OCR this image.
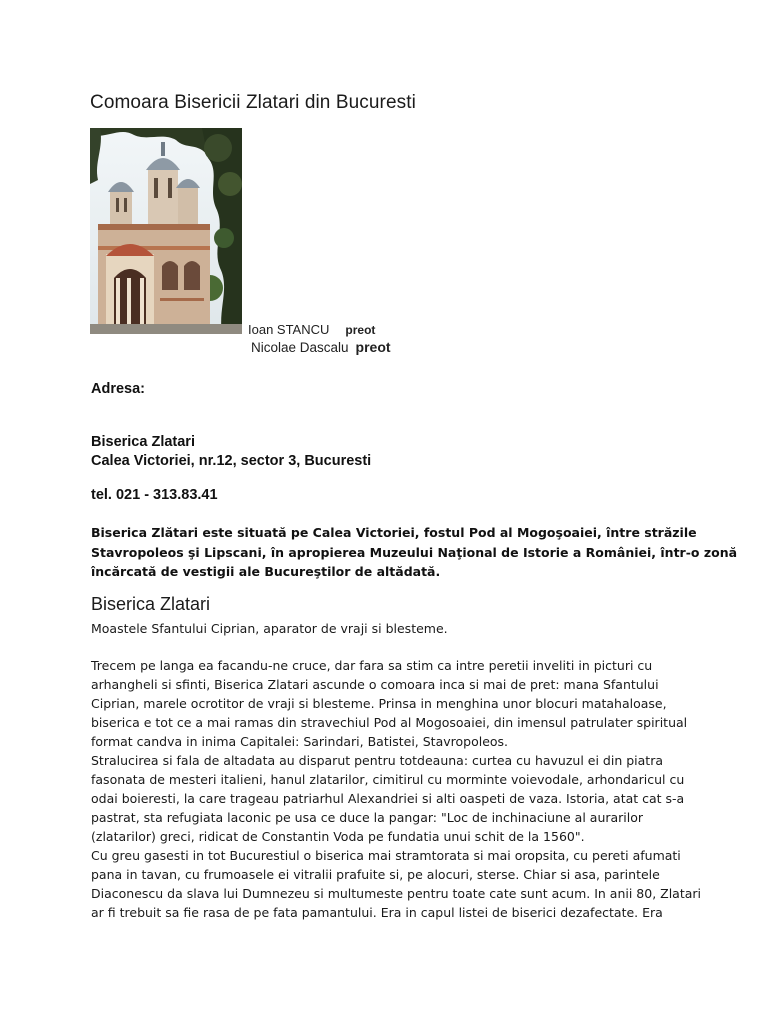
Comoara Bisericii Zlatari din Bucuresti
Ioan STANCU preot
Nicolae Dascalu preot

Adresa:

Biserica Zlatari

Calea Victoriei, nr.12, sector 3, Bucuresti

tel. 021 - 313.83.41

Biserica Zlătari este situată pe Calea Victoriei, fostul Pod al Mogoşoaiei, între străzile
Stavropoleos şi Lipscani, în apropierea Muzeului Naţional de Istorie a României, într-o zonă
încărcată de vestigii ale Bucureştilor de altădată.

Biserica Zlatari

Moastele Sfantului Ciprian, aparator de vraji si blesteme.

Trecem pe langa ea facandu-ne cruce, dar fara sa stim ca intre peretii inveliti in picturi cu
arhangheli si sfinti, Biserica Zlatari ascunde o comoara inca si mai de pret: mana Sfantului
Ciprian, marele ocrotitor de vraji si blesteme. Prinsa in menghina unor blocuri matahaloase,
biserica e tot ce a mai ramas din stravechiul Pod al Mogosoaiei, din imensul patrulater spiritual
format candva in inima Capitalei: Sarindari, Batistei, Stavropoleos.
Stralucirea si fala de altadata au disparut pentru totdeauna: curtea cu havuzul ei din piatra
fasonata de mesteri italieni, hanul zlatarilor, cimitirul cu morminte voievodale, arhondaricul cu
odai boieresti, la care trageau patriarhul Alexandriei si alti oaspeti de vaza. Istoria, atat cat s-a
pastrat, sta refugiata laconic pe usa ce duce la pangar: "Loc de inchinaciune al aurarilor
(zlatarilor) greci, ridicat de Constantin Voda pe fundatia unui schit de la 1560".
Cu greu gasesti in tot Bucurestiul o biserica mai stramtorata si mai oropsita, cu pereti afumati
pana in tavan, cu frumoasele ei vitralii prafuite si, pe alocuri, sterse. Chiar si asa, parintele
Diaconescu da slava lui Dumnezeu si multumeste pentru toate cate sunt acum. In anii 80, Zlatari
ar fi trebuit sa fie rasa de pe fata pamantului. Era in capul listei de biserici dezafectate. Era
